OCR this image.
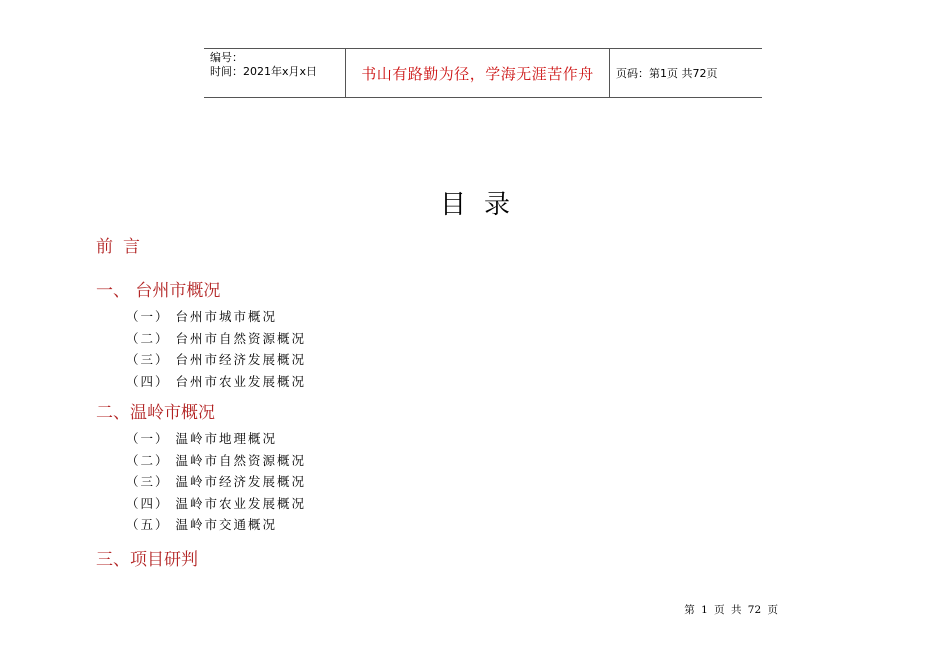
编号：
时间：2021年x月x日	书山有路勤为径，学海无涯苦作舟	页码：第1页 共72页
目录
前言
一、 台州市概况
（一） 台州市城市概况
（二） 台州市自然资源概况
（三） 台州市经济发展概况
（四） 台州市农业发展概况
二、温岭市概况
（一） 温岭市地理概况
（二） 温岭市自然资源概况
（三） 温岭市经济发展概况
（四） 温岭市农业发展概况
（五） 温岭市交通概况
三、项目研判
第 1 页 共 72 页
